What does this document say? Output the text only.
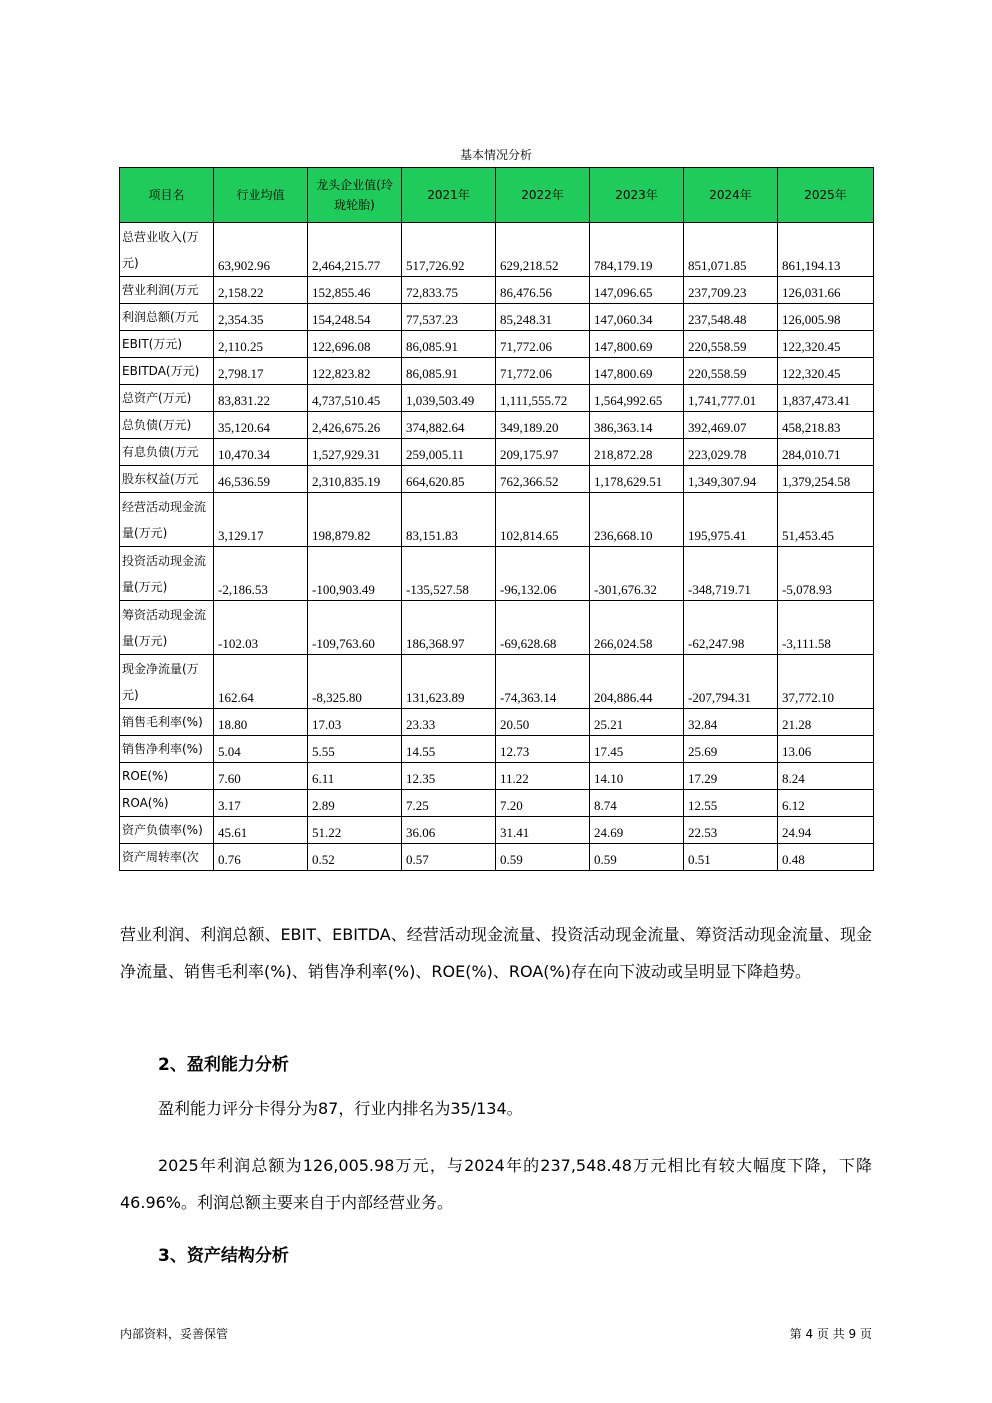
基本情况分析
项目名	行业均值	龙头企业值(玲珑轮胎)	2021年	2022年	2023年	2024年	2025年
总营业收入(万元)	63,902.96	2,464,215.77	517,726.92	629,218.52	784,179.19	851,071.85	861,194.13
营业利润(万元	2,158.22	152,855.46	72,833.75	86,476.56	147,096.65	237,709.23	126,031.66
利润总额(万元	2,354.35	154,248.54	77,537.23	85,248.31	147,060.34	237,548.48	126,005.98
EBIT(万元)	2,110.25	122,696.08	86,085.91	71,772.06	147,800.69	220,558.59	122,320.45
EBITDA(万元)	2,798.17	122,823.82	86,085.91	71,772.06	147,800.69	220,558.59	122,320.45
总资产(万元)	83,831.22	4,737,510.45	1,039,503.49	1,111,555.72	1,564,992.65	1,741,777.01	1,837,473.41
总负债(万元)	35,120.64	2,426,675.26	374,882.64	349,189.20	386,363.14	392,469.07	458,218.83
有息负债(万元	10,470.34	1,527,929.31	259,005.11	209,175.97	218,872.28	223,029.78	284,010.71
股东权益(万元	46,536.59	2,310,835.19	664,620.85	762,366.52	1,178,629.51	1,349,307.94	1,379,254.58
经营活动现金流量(万元)	3,129.17	198,879.82	83,151.83	102,814.65	236,668.10	195,975.41	51,453.45
投资活动现金流量(万元)	-2,186.53	-100,903.49	-135,527.58	-96,132.06	-301,676.32	-348,719.71	-5,078.93
筹资活动现金流量(万元)	-102.03	-109,763.60	186,368.97	-69,628.68	266,024.58	-62,247.98	-3,111.58
现金净流量(万元)	162.64	-8,325.80	131,623.89	-74,363.14	204,886.44	-207,794.31	37,772.10
销售毛利率(%)	18.80	17.03	23.33	20.50	25.21	32.84	21.28
销售净利率(%)	5.04	5.55	14.55	12.73	17.45	25.69	13.06
ROE(%)	7.60	6.11	12.35	11.22	14.10	17.29	8.24
ROA(%)	3.17	2.89	7.25	7.20	8.74	12.55	6.12
资产负债率(%)	45.61	51.22	36.06	31.41	24.69	22.53	24.94
资产周转率(次	0.76	0.52	0.57	0.59	0.59	0.51	0.48
营业利润、利润总额、EBIT、EBITDA、经营活动现金流量、投资活动现金流量、筹资活动现金流量、现金净流量、销售毛利率(%)、销售净利率(%)、ROE(%)、ROA(%)存在向下波动或呈明显下降趋势。
2、盈利能力分析
盈利能力评分卡得分为87，行业内排名为35/134。
2025年利润总额为126,005.98万元，与2024年的237,548.48万元相比有较大幅度下降，下降46.96%。利润总额主要来自于内部经营业务。
3、资产结构分析
内部资料，妥善保管	第 4 页 共 9 页
